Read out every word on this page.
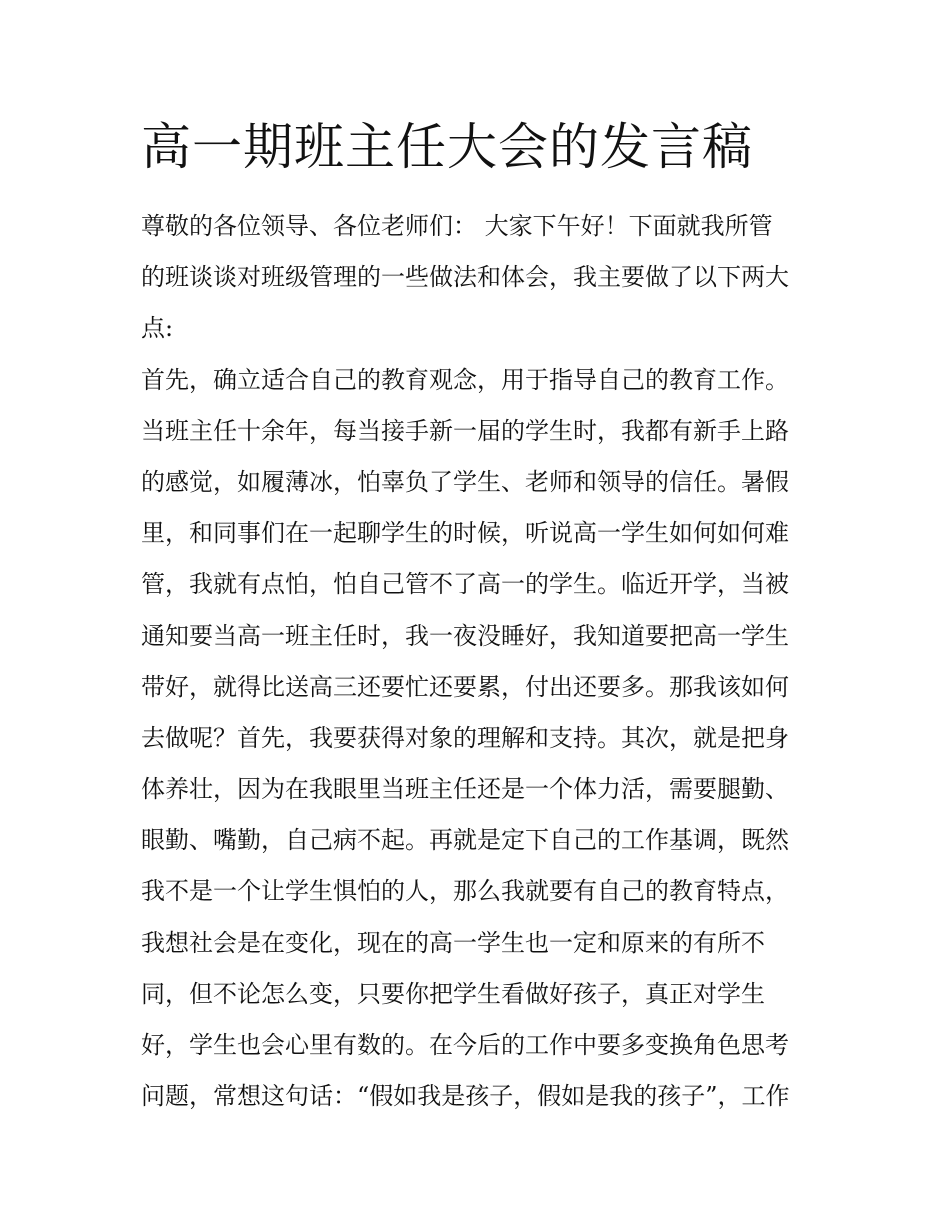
高一期班主任大会的发言稿
尊敬的各位领导、各位老师们： 大家下午好！下面就我所管
的班谈谈对班级管理的一些做法和体会，我主要做了以下两大
点:
首先，确立适合自己的教育观念，用于指导自己的教育工作。
当班主任十余年，每当接手新一届的学生时，我都有新手上路
的感觉，如履薄冰，怕辜负了学生、老师和领导的信任。暑假
里，和同事们在一起聊学生的时候，听说高一学生如何如何难
管，我就有点怕，怕自己管不了高一的学生。临近开学，当被
通知要当高一班主任时，我一夜没睡好，我知道要把高一学生
带好，就得比送高三还要忙还要累，付出还要多。那我该如何
去做呢？首先，我要获得对象的理解和支持。其次，就是把身
体养壮，因为在我眼里当班主任还是一个体力活，需要腿勤、
眼勤、嘴勤，自己病不起。再就是定下自己的工作基调，既然
我不是一个让学生惧怕的人，那么我就要有自己的教育特点，
我想社会是在变化，现在的高一学生也一定和原来的有所不
同，但不论怎么变，只要你把学生看做好孩子，真正对学生
好，学生也会心里有数的。在今后的工作中要多变换角色思考
问题，常想这句话：“假如我是孩子，假如是我的孩子”，工作
